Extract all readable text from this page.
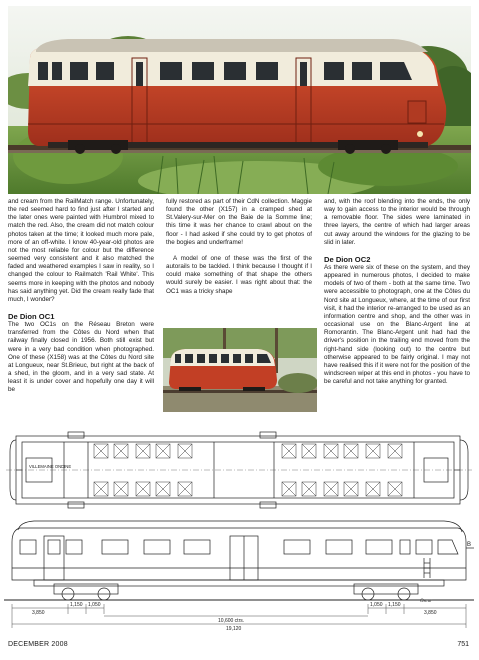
and cream from the RailMatch range. Unfortunately, the red seemed hard to find just after I started and the later ones were painted with Humbrol mixed to match the red. Also, the cream did not match colour photos taken at the time; it looked much more pale, more of an off-white. I know 40-year-old photos are not the most reliable for colour but the difference seemed very consistent and it also matched the faded and weathered examples I saw in reality, so I changed the colour to Railmatch 'Rail White'. This seems more in keeping with the photos and nobody has said anything yet. Did the cream really fade that much, I wonder?

De Dion OC1

The two OC1s on the Réseau Breton were transferred from the Côtes du Nord when that railway finally closed in 1956. Both still exist but were in a very bad condition when photographed. One of these (X158) was at the Côtes du Nord site at Longueux, near St.Brieuc, but right at the back of a shed, in the gloom, and in a very sad state. At least it is under cover and hopefully one day it will be

fully restored as part of their CdN collection. Maggie found the other (X157) in a cramped shed at St.Valery-sur-Mer on the Baie de la Somme line; this time it was her chance to crawl about on the floor - I had asked if she could try to get photos of the bogies and underframe!

A model of one of these was the first of the autorails to be tackled. I think because I thought if I could make something of that shape the others would surely be easier. I was right about that: the OC1 was a tricky shape

and, with the roof blending into the ends, the only way to gain access to the interior would be through a removable floor. The sides were laminated in three layers, the centre of which had larger areas cut away around the windows for the glazing to be slid in later.

De Dion OC2

As there were six of these on the system, and they appeared in numerous photos, I decided to make models of two of them - both at the same time. Two were accessible to photograph, one at the Côtes du Nord site at Longueux, where, at the time of our first visit, it had the interior re-arranged to be used as an information centre and shop, and the other was in occasional use on the Blanc-Argent line at Romorantin. The Blanc-Argent unit had had the driver's position in the trailing end moved from the right-hand side (looking out) to the centre but otherwise appeared to be fairly original. I may not have realised this if it were not for the position of the windscreen wiper at this end in photos - you have to be careful and not take anything for granted.

VILLEMAINE ONDINE
B
3,850
1,150 1,050
10,600 ctrs.
19,120
1,050 1,150
3,850
Oscar
DECEMBER 2008	751
